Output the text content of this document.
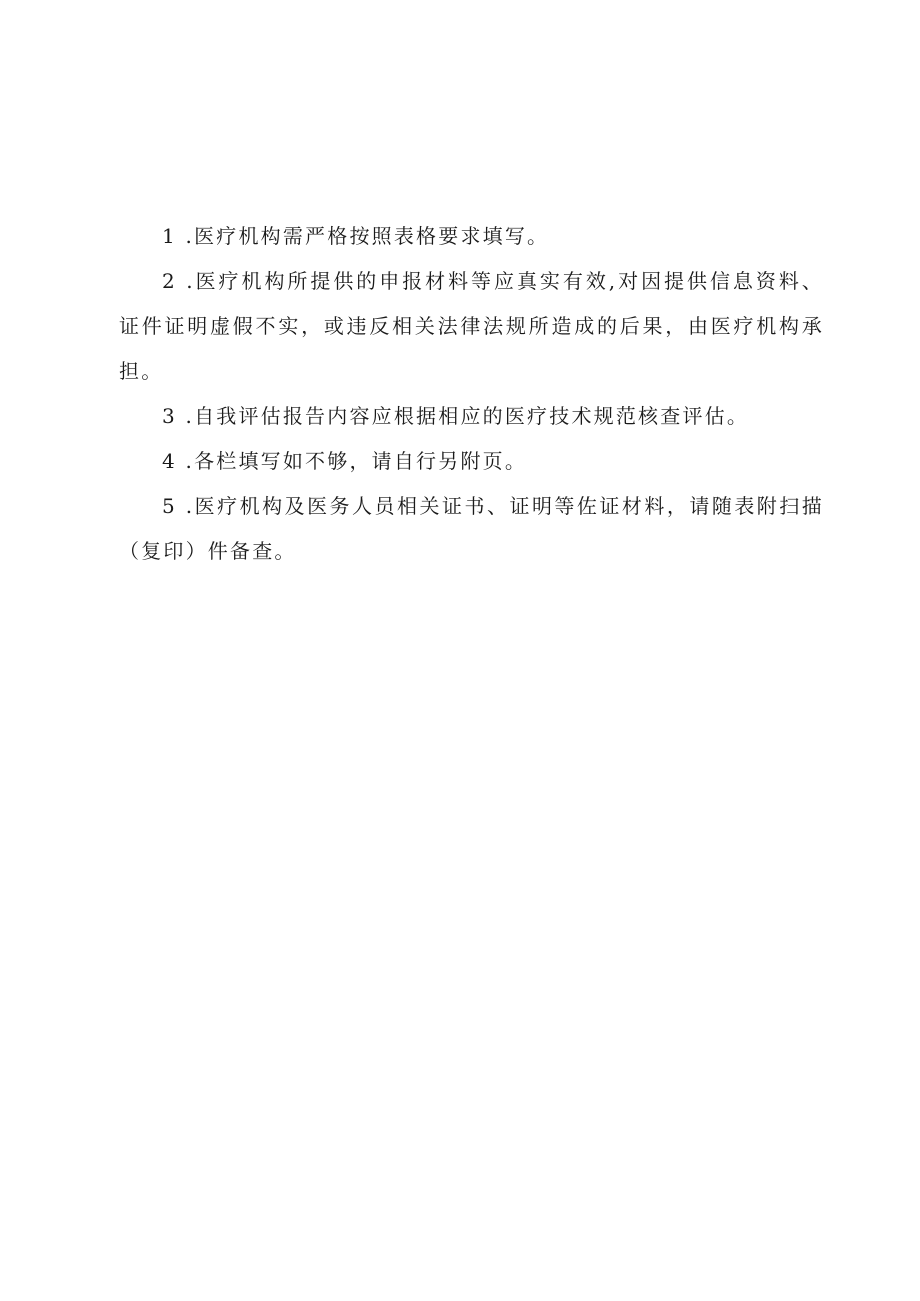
1 .医疗机构需严格按照表格要求填写。

2 .医疗机构所提供的申报材料等应真实有效,对因提供信息资料、证件证明虚假不实，或违反相关法律法规所造成的后果，由医疗机构承担。

3 .自我评估报告内容应根据相应的医疗技术规范核查评估。

4 .各栏填写如不够，请自行另附页。

5 .医疗机构及医务人员相关证书、证明等佐证材料，请随表附扫描（复印）件备查。
